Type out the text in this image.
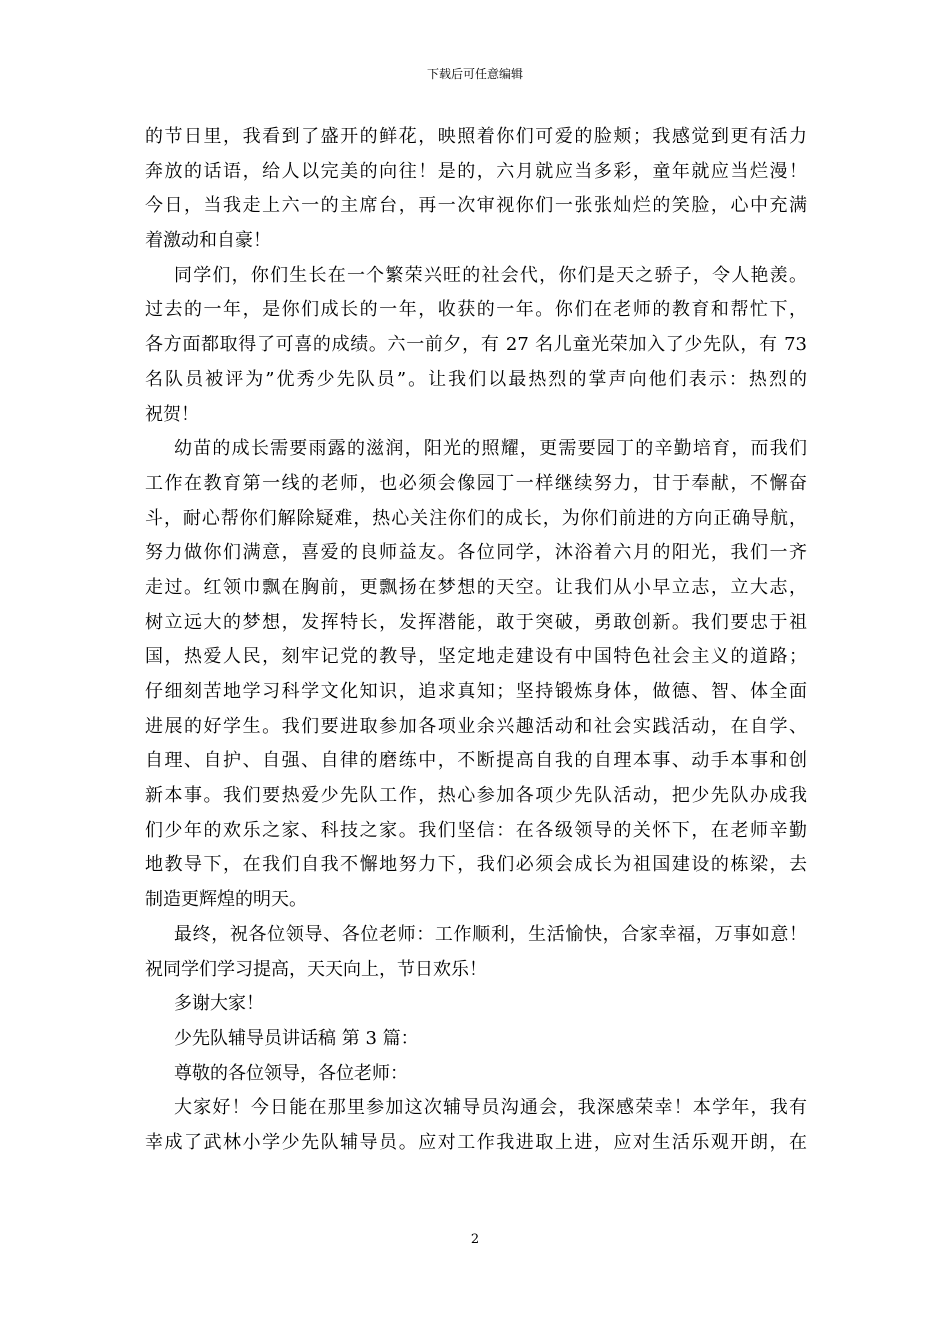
下载后可任意编辑
的节日里，我看到了盛开的鲜花，映照着你们可爱的脸颊；我感觉到更有活力
奔放的话语，给人以完美的向往！是的，六月就应当多彩，童年就应当烂漫！
今日，当我走上六一的主席台，再一次审视你们一张张灿烂的笑脸，心中充满
着激动和自豪！
同学们，你们生长在一个繁荣兴旺的社会代，你们是天之骄子，令人艳羡。
过去的一年，是你们成长的一年，收获的一年。你们在老师的教育和帮忙下，
各方面都取得了可喜的成绩。六一前夕，有 27 名儿童光荣加入了少先队，有 73
名队员被评为”优秀少先队员”。让我们以最热烈的掌声向他们表示：热烈的
祝贺！
幼苗的成长需要雨露的滋润，阳光的照耀，更需要园丁的辛勤培育，而我们
工作在教育第一线的老师，也必须会像园丁一样继续努力，甘于奉献，不懈奋
斗，耐心帮你们解除疑难，热心关注你们的成长，为你们前进的方向正确导航，
努力做你们满意，喜爱的良师益友。各位同学，沐浴着六月的阳光，我们一齐
走过。红领巾飘在胸前，更飘扬在梦想的天空。让我们从小早立志，立大志，
树立远大的梦想，发挥特长，发挥潜能，敢于突破，勇敢创新。我们要忠于祖
国，热爱人民，刻牢记党的教导，坚定地走建设有中国特色社会主义的道路；
仔细刻苦地学习科学文化知识，追求真知；坚持锻炼身体，做德、智、体全面
进展的好学生。我们要进取参加各项业余兴趣活动和社会实践活动，在自学、
自理、自护、自强、自律的磨练中，不断提高自我的自理本事、动手本事和创
新本事。我们要热爱少先队工作，热心参加各项少先队活动，把少先队办成我
们少年的欢乐之家、科技之家。我们坚信：在各级领导的关怀下，在老师辛勤
地教导下，在我们自我不懈地努力下，我们必须会成长为祖国建设的栋梁，去
制造更辉煌的明天。
最终，祝各位领导、各位老师：工作顺利，生活愉快，合家幸福，万事如意！
祝同学们学习提高，天天向上，节日欢乐！
多谢大家！
少先队辅导员讲话稿 第 3 篇：
尊敬的各位领导，各位老师：
大家好！今日能在那里参加这次辅导员沟通会，我深感荣幸！本学年，我有
幸成了武林小学少先队辅导员。应对工作我进取上进，应对生活乐观开朗，在
2
